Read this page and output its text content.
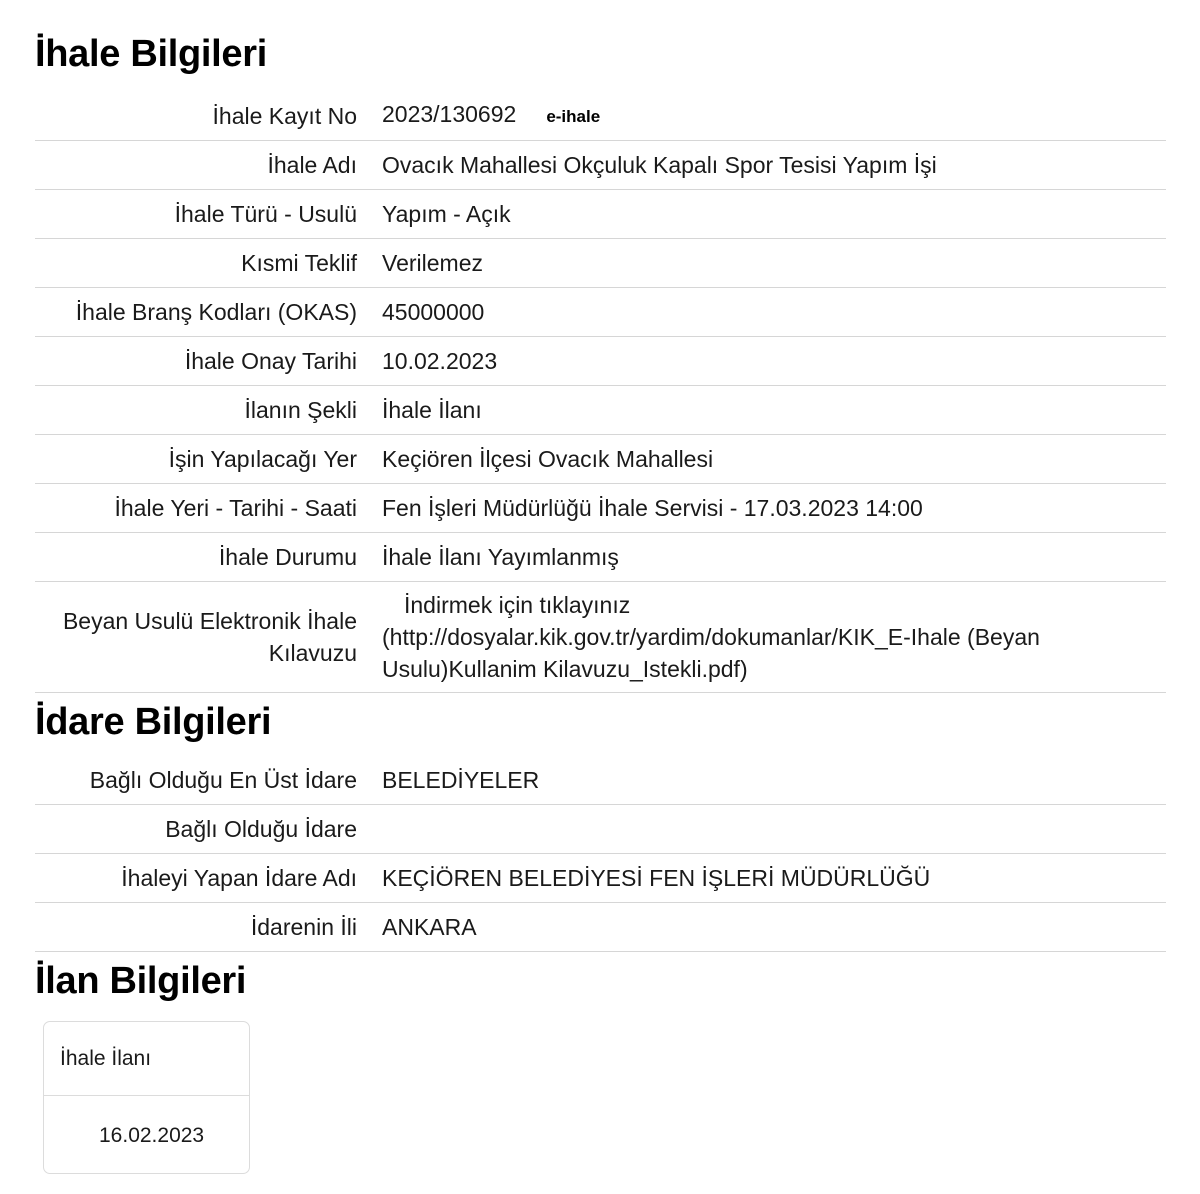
İhale Bilgileri
İhale Kayıt No	2023/130692 e-ihale
İhale Adı	Ovacık Mahallesi Okçuluk Kapalı Spor Tesisi Yapım İşi
İhale Türü - Usulü	Yapım - Açık
Kısmi Teklif	Verilemez
İhale Branş Kodları (OKAS)	45000000
İhale Onay Tarihi	10.02.2023
İlanın Şekli	İhale İlanı
İşin Yapılacağı Yer	Keçiören İlçesi Ovacık Mahallesi
İhale Yeri - Tarihi - Saati	Fen İşleri Müdürlüğü İhale Servisi - 17.03.2023 14:00
İhale Durumu	İhale İlanı Yayımlanmış
Beyan Usulü Elektronik İhale
Kılavuzu	İndirmek için tıklayınız
(http://dosyalar.kik.gov.tr/yardim/dokumanlar/KIK_E-Ihale (Beyan
Usulu)Kullanim Kilavuzu_Istekli.pdf)
İdare Bilgileri
Bağlı Olduğu En Üst İdare	BELEDİYELER
Bağlı Olduğu İdare	
İhaleyi Yapan İdare Adı	KEÇİÖREN BELEDİYESİ FEN İŞLERİ MÜDÜRLÜĞÜ
İdarenin İli	ANKARA
İlan Bilgileri
İhale İlanı
16.02.2023
